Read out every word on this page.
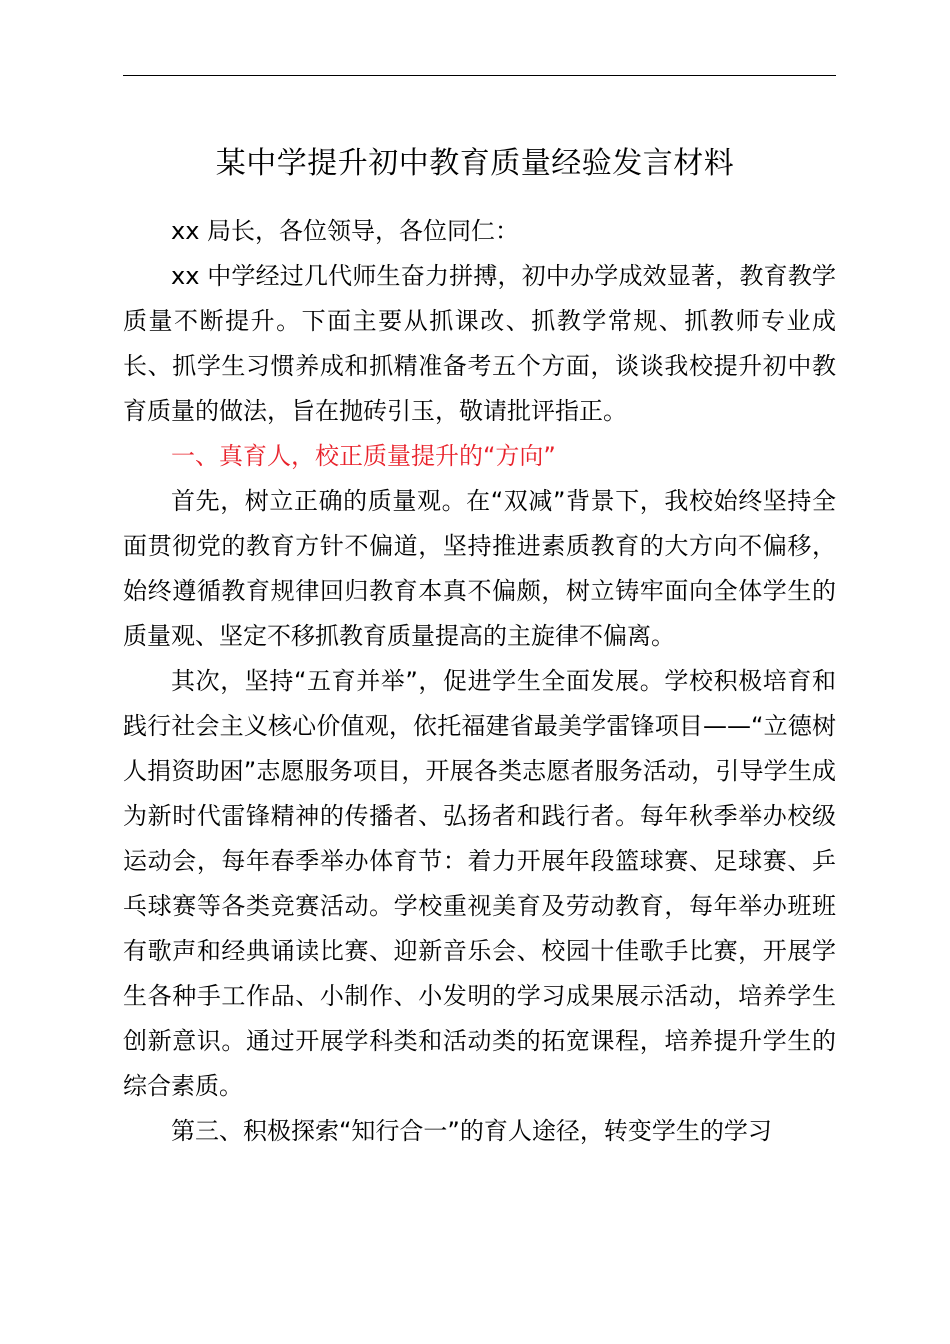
某中学提升初中教育质量经验发言材料

xx 局长，各位领导，各位同仁：

xx 中学经过几代师生奋力拼搏，初中办学成效显著，教育教学质量不断提升。下面主要从抓课改、抓教学常规、抓教师专业成长、抓学生习惯养成和抓精准备考五个方面，谈谈我校提升初中教育质量的做法，旨在抛砖引玉，敬请批评指正。

一、真育人，校正质量提升的“方向”

首先，树立正确的质量观。在“双减”背景下，我校始终坚持全面贯彻党的教育方针不偏道，坚持推进素质教育的大方向不偏移，始终遵循教育规律回归教育本真不偏颇，树立铸牢面向全体学生的质量观、坚定不移抓教育质量提高的主旋律不偏离。

其次，坚持“五育并举”，促进学生全面发展。学校积极培育和践行社会主义核心价值观，依托福建省最美学雷锋项目——“立德树人捐资助困”志愿服务项目，开展各类志愿者服务活动，引导学生成为新时代雷锋精神的传播者、弘扬者和践行者。每年秋季举办校级运动会，每年春季举办体育节：着力开展年段篮球赛、足球赛、乒乓球赛等各类竞赛活动。学校重视美育及劳动教育，每年举办班班有歌声和经典诵读比赛、迎新音乐会、校园十佳歌手比赛，开展学生各种手工作品、小制作、小发明的学习成果展示活动，培养学生创新意识。通过开展学科类和活动类的拓宽课程，培养提升学生的综合素质。

第三、积极探索“知行合一”的育人途径，转变学生的学习
